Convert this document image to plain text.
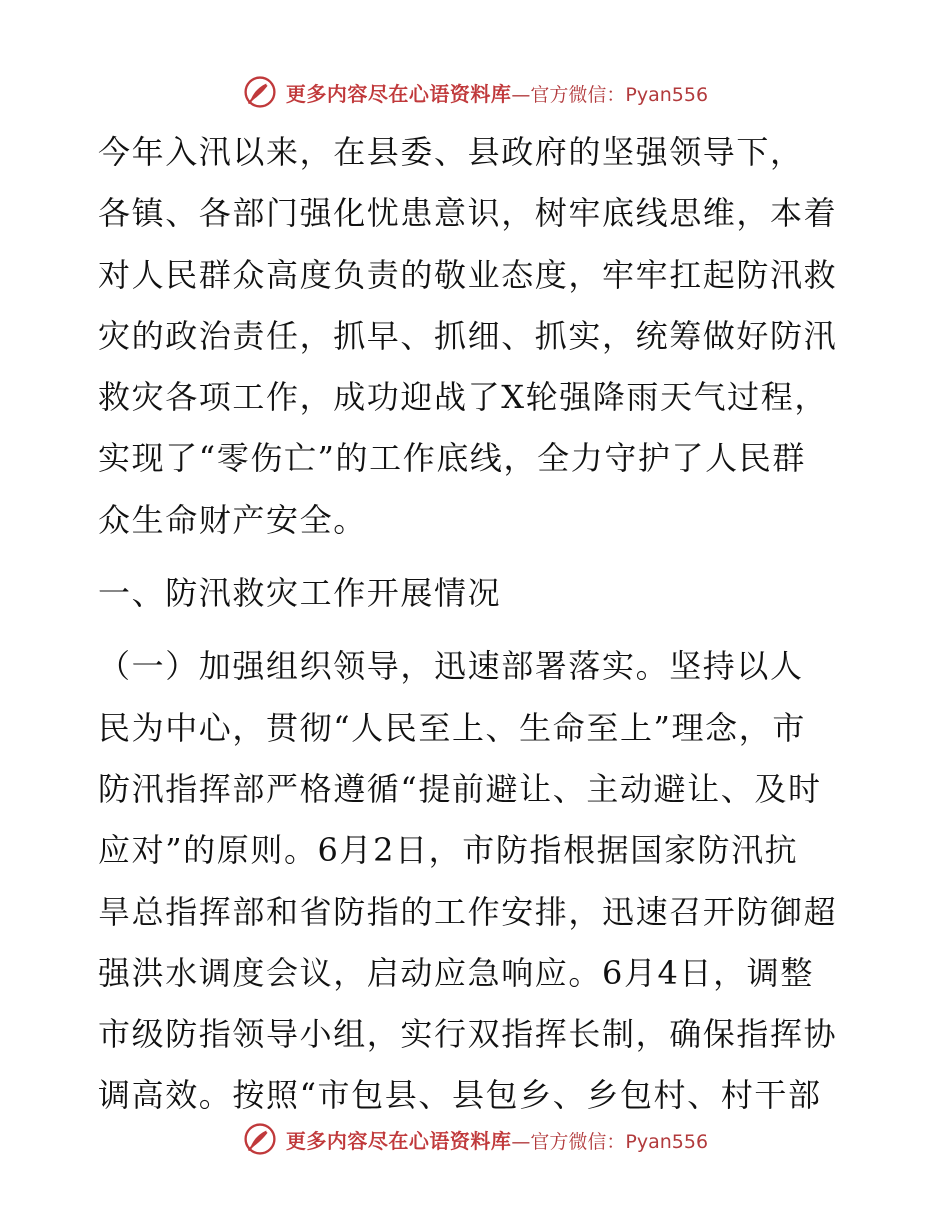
更多内容尽在心语资料库 —官方微信：Pyan556
今年入汛以来，在县委、县政府的坚强领导下，
各镇、各部门强化忧患意识，树牢底线思维，本着
对人民群众高度负责的敬业态度，牢牢扛起防汛救
灾的政治责任，抓早、抓细、抓实，统筹做好防汛
救灾各项工作，成功迎战了X轮强降雨天气过程，
实现了“零伤亡”的工作底线，全力守护了人民群
众生命财产安全。
一、防汛救灾工作开展情况
（一）加强组织领导，迅速部署落实。坚持以人
民为中心，贯彻“人民至上、生命至上”理念，市
防汛指挥部严格遵循“提前避让、主动避让、及时
应对”的原则。6月2日，市防指根据国家防汛抗
旱总指挥部和省防指的工作安排，迅速召开防御超
强洪水调度会议，启动应急响应。6月4日，调整
市级防指领导小组，实行双指挥长制，确保指挥协
调高效。按照“市包县、县包乡、乡包村、村干部
更多内容尽在心语资料库 —官方微信：Pyan556
